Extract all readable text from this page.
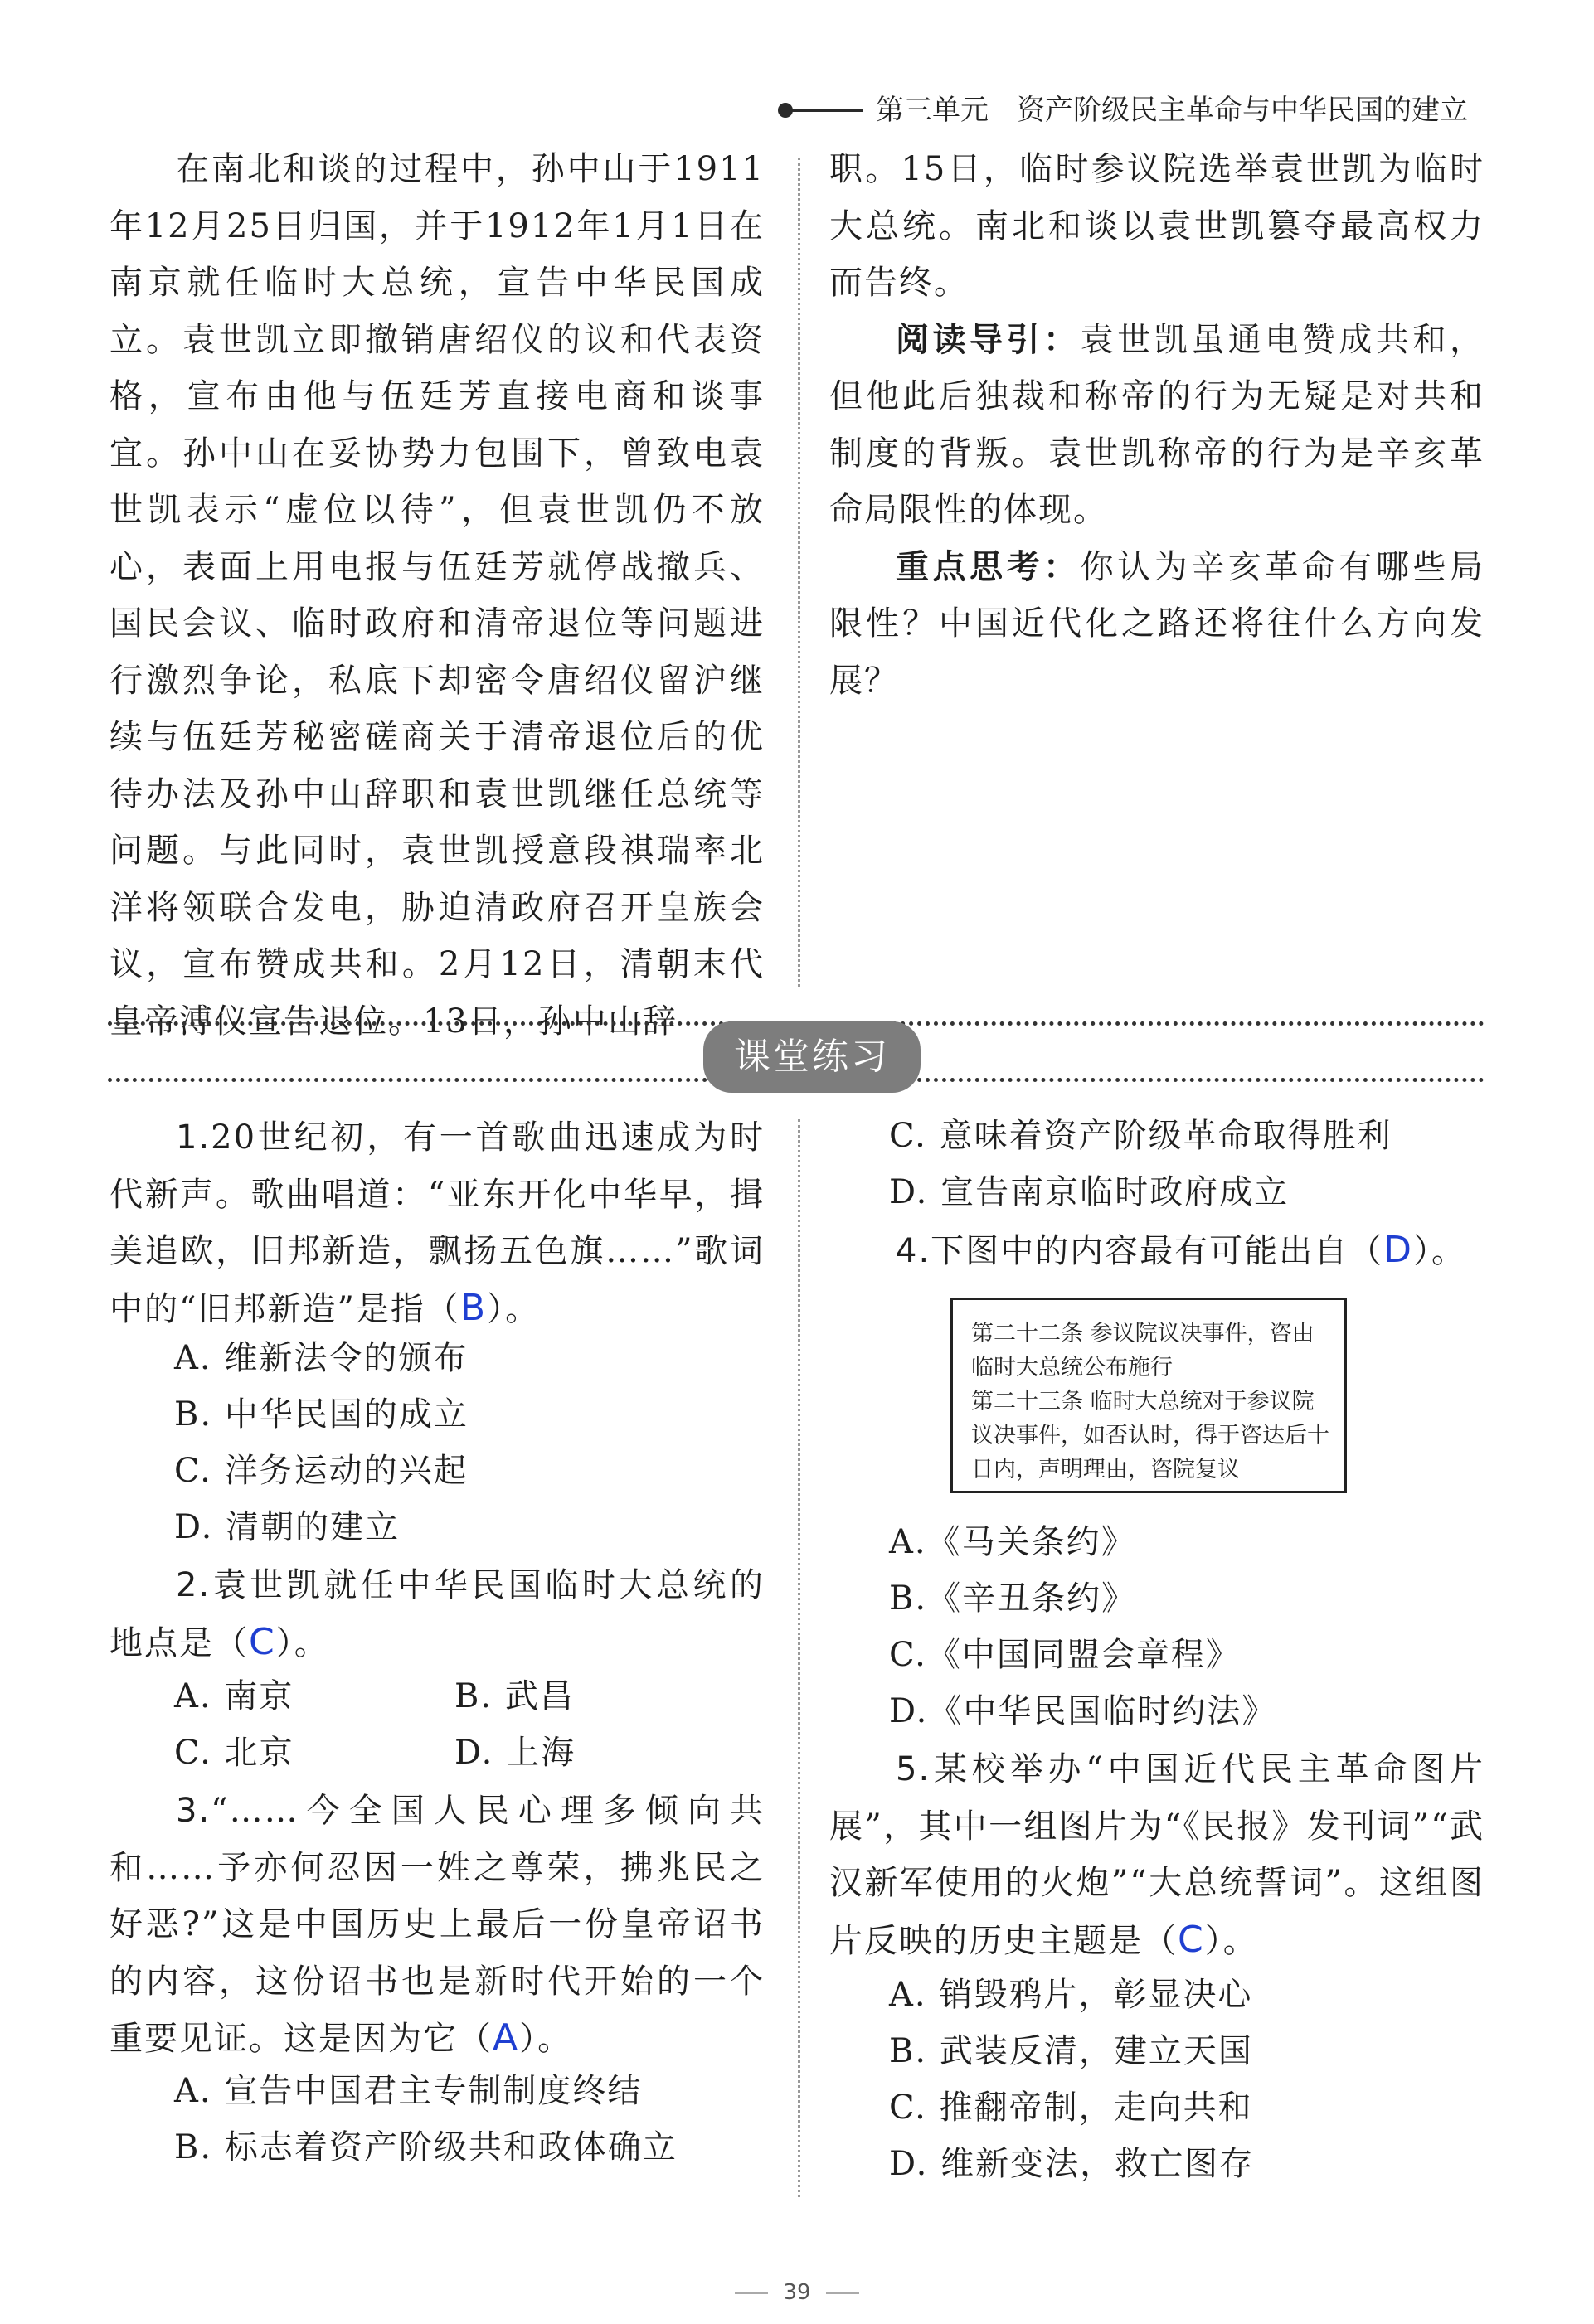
第三单元 资产阶级民主革命与中华民国的建立

在南北和谈的过程中，孙中山于1911年12月25日归国，并于1912年1月1日在南京就任临时大总统，宣告中华民国成立。袁世凯立即撤销唐绍仪的议和代表资格，宣布由他与伍廷芳直接电商和谈事宜。孙中山在妥协势力包围下，曾致电袁世凯表示“虚位以待”，但袁世凯仍不放心，表面上用电报与伍廷芳就停战撤兵、国民会议、临时政府和清帝退位等问题进行激烈争论，私底下却密令唐绍仪留沪继续与伍廷芳秘密磋商关于清帝退位后的优待办法及孙中山辞职和袁世凯继任总统等问题。与此同时，袁世凯授意段祺瑞率北洋将领联合发电，胁迫清政府召开皇族会议，宣布赞成共和。2月12日，清朝末代皇帝溥仪宣告退位。13日，孙中山辞

职。15日，临时参议院选举袁世凯为临时大总统。南北和谈以袁世凯篡夺最高权力而告终。

阅读导引：袁世凯虽通电赞成共和，但他此后独裁和称帝的行为无疑是对共和制度的背叛。袁世凯称帝的行为是辛亥革命局限性的体现。

重点思考：你认为辛亥革命有哪些局限性？中国近代化之路还将往什么方向发展？

课堂练习

1.20世纪初，有一首歌曲迅速成为时代新声。歌曲唱道：“亚东开化中华早，揖美追欧，旧邦新造，飘扬五色旗……”歌词中的“旧邦新造”是指（B）。

A. 维新法令的颁布
B. 中华民国的成立
C. 洋务运动的兴起
D. 清朝的建立

2.袁世凯就任中华民国临时大总统的地点是（C）。

A. 南京	B. 武昌
C. 北京	D. 上海

3.“……今全国人民心理多倾向共和……予亦何忍因一姓之尊荣，拂兆民之好恶?”这是中国历史上最后一份皇帝诏书的内容，这份诏书也是新时代开始的一个重要见证。这是因为它（A）。

A. 宣告中国君主专制制度终结
B. 标志着资产阶级共和政体确立
C. 意味着资产阶级革命取得胜利
D. 宣告南京临时政府成立

4.下图中的内容最有可能出自（D）。

第二十二条 参议院议决事件，咨由
临时大总统公布施行
第二十三条 临时大总统对于参议院
议决事件，如否认时，得于咨达后十
日内，声明理由，咨院复议
A.《马关条约》
B.《辛丑条约》
C.《中国同盟会章程》
D.《中华民国临时约法》

5.某校举办“中国近代民主革命图片展”，其中一组图片为“《民报》发刊词”“武汉新军使用的火炮”“大总统誓词”。这组图片反映的历史主题是（C）。

A. 销毁鸦片，彰显决心
B. 武装反清，建立天国
C. 推翻帝制，走向共和
D. 维新变法，救亡图存
39
